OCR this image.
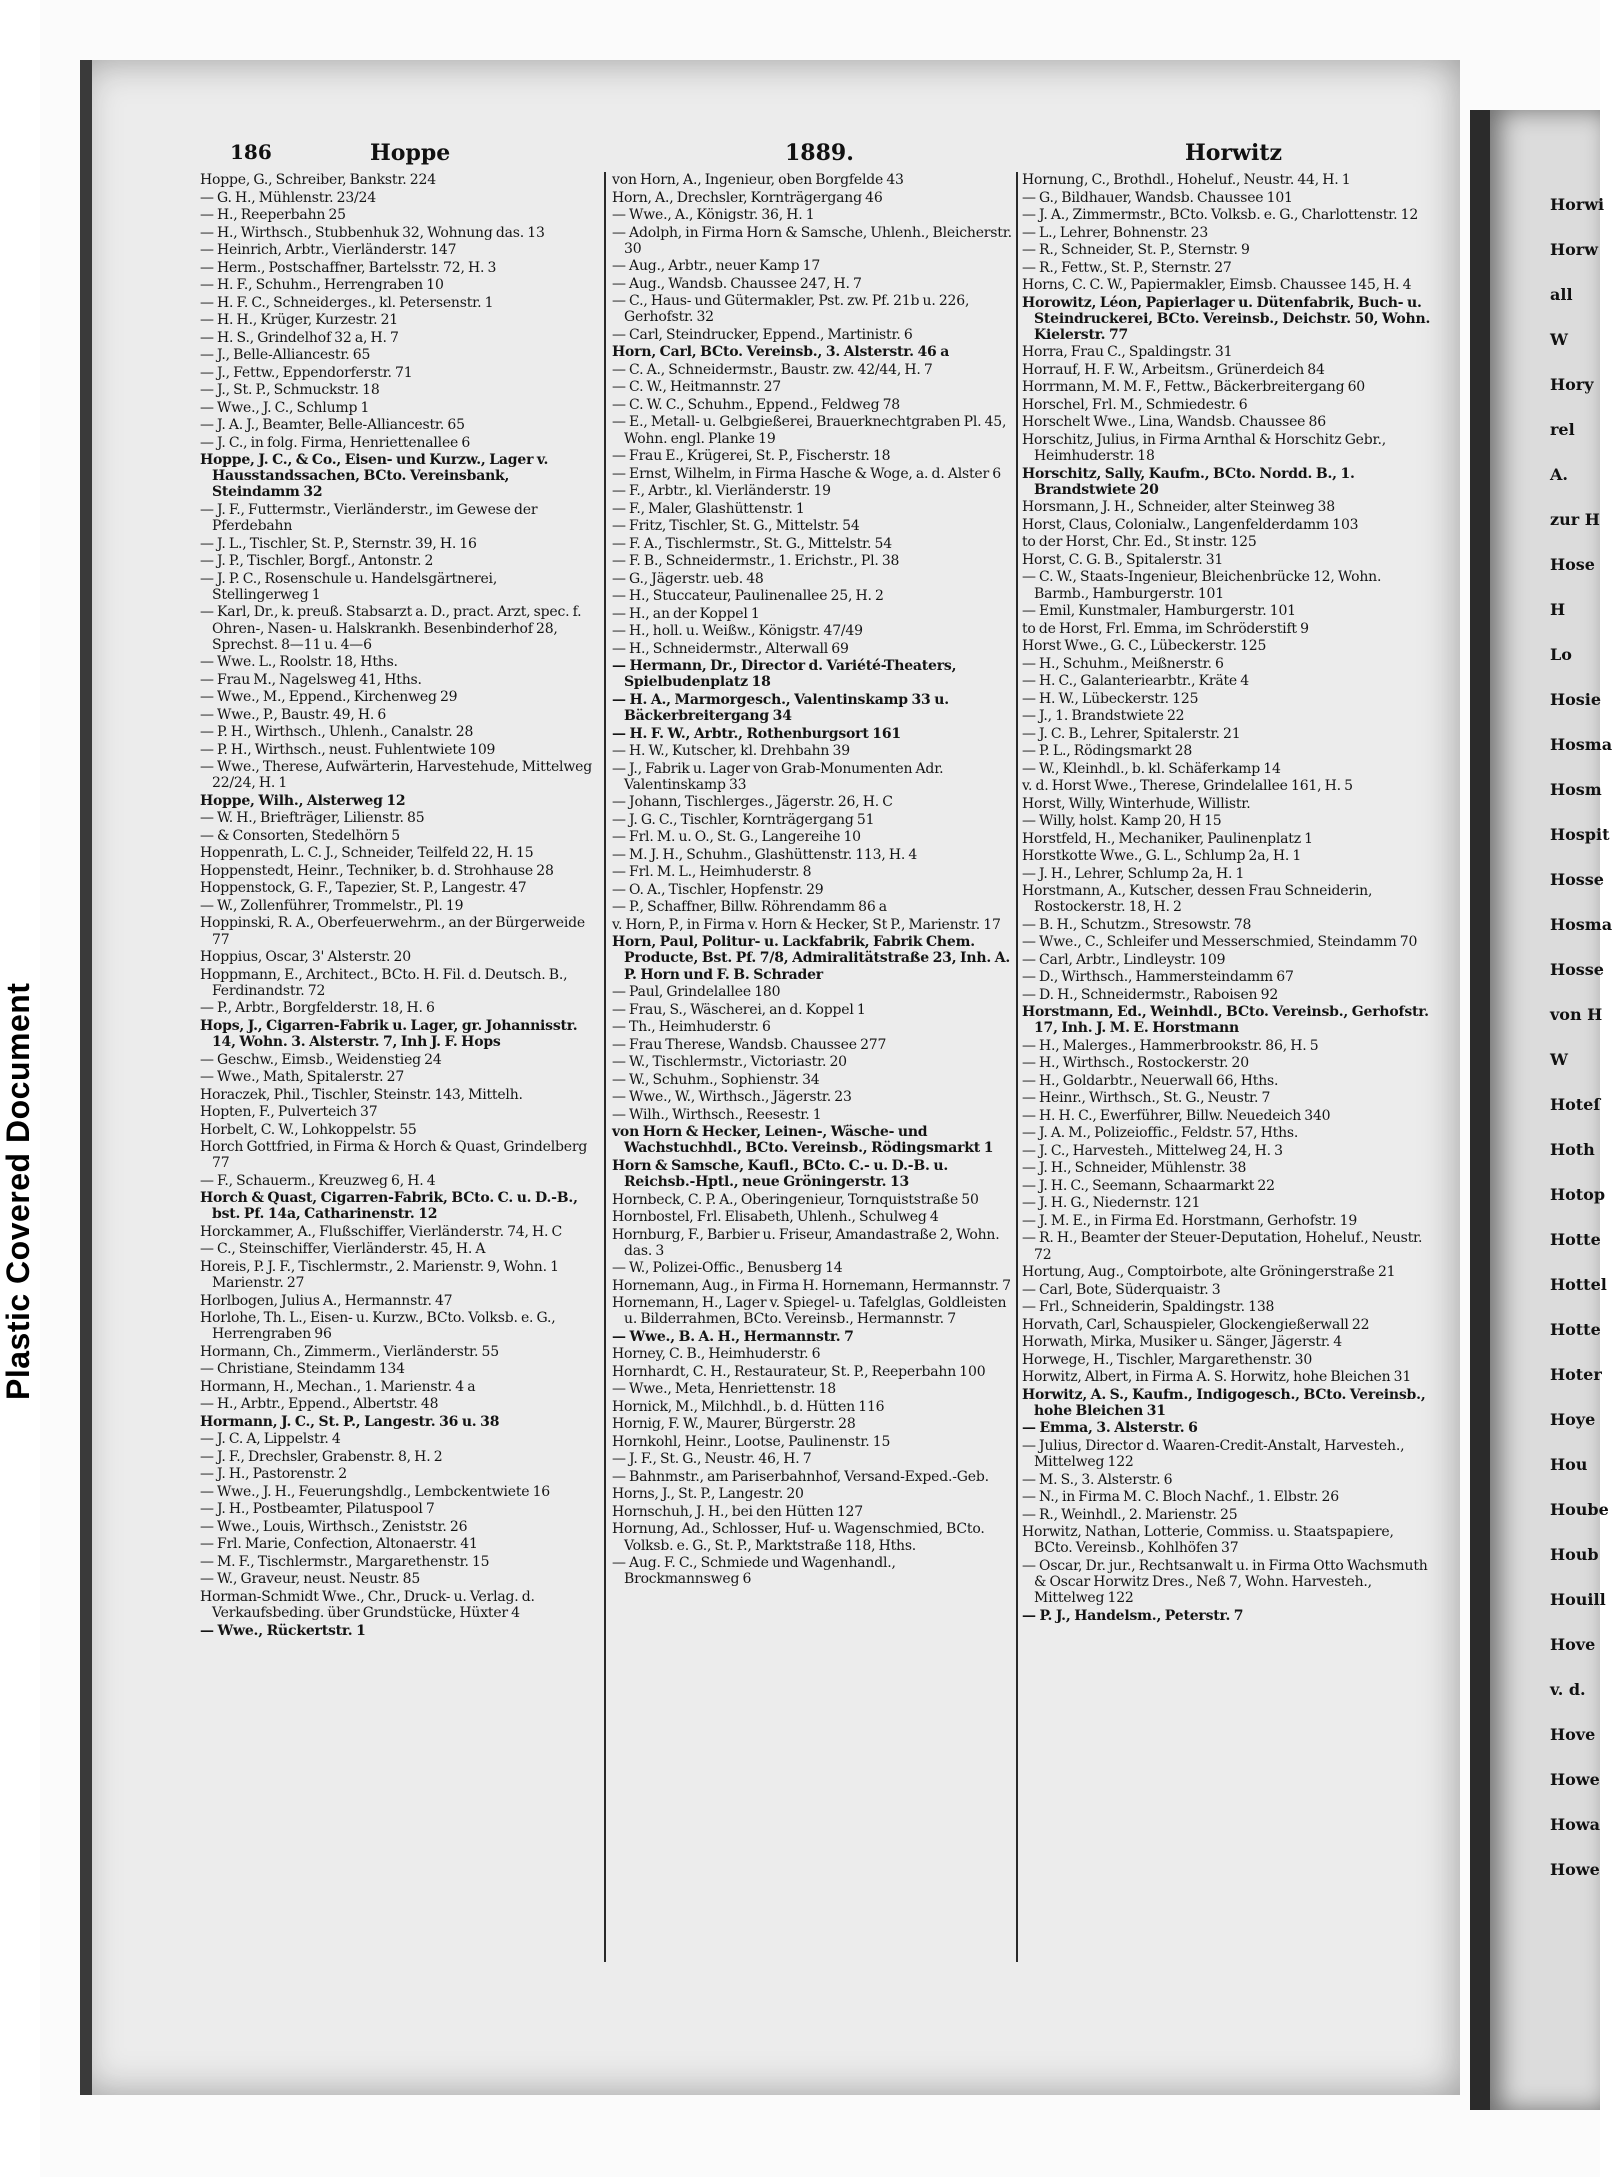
Horwi
Horw
all
W
Hory
rel
A.
zur H
Hose
H
Lo
Hosie
Hosma
Hosm
Hospit
Hosse
Hosma
Hosse
von H
W
Hoteſ
Hoth
Hotop
Hotte
Hottel
Hotte
Hoter
Hoye
Hou
Hoube
Houb
Houill
Hove
v. d.
Hove
Howe
Howa
Howe
Plastic Covered Document
186	Hoppe	1889.	Horwitz
Hoppe, G., Schreiber, Bankstr. 224
— G. H., Mühlenstr. 23/24
— H., Reeperbahn 25
— H., Wirthsch., Stubbenhuk 32, Wohnung das. 13
— Heinrich, Arbtr., Vierländerstr. 147
— Herm., Postschaffner, Bartelsstr. 72, H. 3
— H. F., Schuhm., Herrengraben 10
— H. F. C., Schneiderges., kl. Petersenstr. 1
— H. H., Krüger, Kurzestr. 21
— H. S., Grindelhof 32 a, H. 7
— J., Belle-Alliancestr. 65
— J., Fettw., Eppendorferstr. 71
— J., St. P., Schmuckstr. 18
— Wwe., J. C., Schlump 1
— J. A. J., Beamter, Belle-Alliancestr. 65
— J. C., in folg. Firma, Henriettenallee 6
Hoppe, J. C., & Co., Eisen- und Kurzw., Lager v. Hausstandssachen, BCto. Vereinsbank, Steindamm 32
— J. F., Futtermstr., Vierländerstr., im Gewese der Pferdebahn
— J. L., Tischler, St. P., Sternstr. 39, H. 16
— J. P., Tischler, Borgf., Antonstr. 2
— J. P. C., Rosenschule u. Handelsgärtnerei, Stellingerweg 1
— Karl, Dr., k. preuß. Stabsarzt a. D., pract. Arzt, spec. f. Ohren-, Nasen- u. Halskrankh. Besenbinderhof 28, Sprechst. 8—11 u. 4—6
— Wwe. L., Roolstr. 18, Hths.
— Frau M., Nagelsweg 41, Hths.
— Wwe., M., Eppend., Kirchenweg 29
— Wwe., P., Baustr. 49, H. 6
— P. H., Wirthsch., Uhlenh., Canalstr. 28
— P. H., Wirthsch., neust. Fuhlentwiete 109
— Wwe., Therese, Aufwärterin, Harvestehude, Mittelweg 22/24, H. 1
Hoppe, Wilh., Alsterweg 12
— W. H., Briefträger, Lilienstr. 85
— & Consorten, Stedelhörn 5
Hoppenrath, L. C. J., Schneider, Teilfeld 22, H. 15
Hoppenstedt, Heinr., Techniker, b. d. Strohhause 28
Hoppenstock, G. F., Tapezier, St. P., Langestr. 47
— W., Zollenführer, Trommelstr., Pl. 19
Hoppinski, R. A., Oberfeuerwehrm., an der Bürgerweide 77
Hoppius, Oscar, 3' Alsterstr. 20
Hoppmann, E., Architect., BCto. H. Fil. d. Deutsch. B., Ferdinandstr. 72
— P., Arbtr., Borgfelderstr. 18, H. 6
Hops, J., Cigarren-Fabrik u. Lager, gr. Johannisstr. 14, Wohn. 3. Alsterstr. 7, Inh J. F. Hops
— Geschw., Eimsb., Weidenstieg 24
— Wwe., Math, Spitalerstr. 27
Horaczek, Phil., Tischler, Steinstr. 143, Mittelh.
Hopten, F., Pulverteich 37
Horbelt, C. W., Lohkoppelstr. 55
Horch Gottfried, in Firma & Horch & Quast, Grindelberg 77
— F., Schauerm., Kreuzweg 6, H. 4
Horch & Quast, Cigarren-Fabrik, BCto. C. u. D.-B., bst. Pf. 14a, Catharinenstr. 12
Horckammer, A., Flußschiffer, Vierländerstr. 74, H. C
— C., Steinschiffer, Vierländerstr. 45, H. A
Horeis, P. J. F., Tischlermstr., 2. Marienstr. 9, Wohn. 1 Marienstr. 27
Horlbogen, Julius A., Hermannstr. 47
Horlohe, Th. L., Eisen- u. Kurzw., BCto. Volksb. e. G., Herrengraben 96
Hormann, Ch., Zimmerm., Vierländerstr. 55
— Christiane, Steindamm 134
Hormann, H., Mechan., 1. Marienstr. 4 a
— H., Arbtr., Eppend., Albertstr. 48
Hormann, J. C., St. P., Langestr. 36 u. 38
— J. C. A, Lippelstr. 4
— J. F., Drechsler, Grabenstr. 8, H. 2
— J. H., Pastorenstr. 2
— Wwe., J. H., Feuerungshdlg., Lembckentwiete 16
— J. H., Postbeamter, Pilatuspool 7
— Wwe., Louis, Wirthsch., Zeniststr. 26
— Frl. Marie, Confection, Altonaerstr. 41
— M. F., Tischlermstr., Margarethenstr. 15
— W., Graveur, neust. Neustr. 85
Horman-Schmidt Wwe., Chr., Druck- u. Verlag. d. Verkaufsbeding. über Grundstücke, Hüxter 4
— Wwe., Rückertstr. 1
von Horn, A., Ingenieur, oben Borgfelde 43
Horn, A., Drechsler, Kornträgergang 46
— Wwe., A., Königstr. 36, H. 1
— Adolph, in Firma Horn & Samsche, Uhlenh., Bleicherstr. 30
— Aug., Arbtr., neuer Kamp 17
— Aug., Wandsb. Chaussee 247, H. 7
— C., Haus- und Gütermakler, Pst. zw. Pf. 21b u. 226, Gerhofstr. 32
— Carl, Steindrucker, Eppend., Martinistr. 6
Horn, Carl, BCto. Vereinsb., 3. Alsterstr. 46 a
— C. A., Schneidermstr., Baustr. zw. 42/44, H. 7
— C. W., Heitmannstr. 27
— C. W. C., Schuhm., Eppend., Feldweg 78
— E., Metall- u. Gelbgießerei, Brauerknechtgraben Pl. 45, Wohn. engl. Planke 19
— Frau E., Krügerei, St. P., Fischerstr. 18
— Ernst, Wilhelm, in Firma Hasche & Woge, a. d. Alster 6
— F., Arbtr., kl. Vierländerstr. 19
— F., Maler, Glashüttenstr. 1
— Fritz, Tischler, St. G., Mittelstr. 54
— F. A., Tischlermstr., St. G., Mittelstr. 54
— F. B., Schneidermstr., 1. Erichstr., Pl. 38
— G., Jägerstr. ueb. 48
— H., Stuccateur, Paulinenallee 25, H. 2
— H., an der Koppel 1
— H., holl. u. Weißw., Königstr. 47/49
— H., Schneidermstr., Alterwall 69
— Hermann, Dr., Director d. Variété-Theaters, Spielbudenplatz 18
— H. A., Marmorgesch., Valentinskamp 33 u. Bäckerbreitergang 34
— H. F. W., Arbtr., Rothenburgsort 161
— H. W., Kutscher, kl. Drehbahn 39
— J., Fabrik u. Lager von Grab-Monumenten Adr. Valentinskamp 33
— Johann, Tischlerges., Jägerstr. 26, H. C
— J. G. C., Tischler, Kornträgergang 51
— Frl. M. u. O., St. G., Langereihe 10
— M. J. H., Schuhm., Glashüttenstr. 113, H. 4
— Frl. M. L., Heimhuderstr. 8
— O. A., Tischler, Hopfenstr. 29
— P., Schaffner, Billw. Röhrendamm 86 a
v. Horn, P., in Firma v. Horn & Hecker, St P., Marienstr. 17
Horn, Paul, Politur- u. Lackfabrik, Fabrik Chem. Producte, Bst. Pf. 7/8, Admiralitätstraße 23, Inh. A. P. Horn und F. B. Schrader
— Paul, Grindelallee 180
— Frau, S., Wäscherei, an d. Koppel 1
— Th., Heimhuderstr. 6
— Frau Therese, Wandsb. Chaussee 277
— W., Tischlermstr., Victoriastr. 20
— W., Schuhm., Sophienstr. 34
— Wwe., W., Wirthsch., Jägerstr. 23
— Wilh., Wirthsch., Reesestr. 1
von Horn & Hecker, Leinen-, Wäsche- und Wachstuchhdl., BCto. Vereinsb., Rödingsmarkt 1
Horn & Samsche, Kaufl., BCto. C.- u. D.-B. u. Reichsb.-Hptl., neue Gröningerstr. 13
Hornbeck, C. P. A., Oberingenieur, Tornquiststraße 50
Hornbostel, Frl. Elisabeth, Uhlenh., Schulweg 4
Hornburg, F., Barbier u. Friseur, Amandastraße 2, Wohn. das. 3
— W., Polizei-Offic., Benusberg 14
Hornemann, Aug., in Firma H. Hornemann, Hermannstr. 7
Hornemann, H., Lager v. Spiegel- u. Tafelglas, Goldleisten u. Bilderrahmen, BCto. Vereinsb., Hermannstr. 7
— Wwe., B. A. H., Hermannstr. 7
Horney, C. B., Heimhuderstr. 6
Hornhardt, C. H., Restaurateur, St. P., Reeperbahn 100
— Wwe., Meta, Henriettenstr. 18
Hornick, M., Milchhdl., b. d. Hütten 116
Hornig, F. W., Maurer, Bürgerstr. 28
Hornkohl, Heinr., Lootse, Paulinenstr. 15
— J. F., St. G., Neustr. 46, H. 7
— Bahnmstr., am Pariserbahnhof, Versand-Exped.-Geb.
Horns, J., St. P., Langestr. 20
Hornschuh, J. H., bei den Hütten 127
Hornung, Ad., Schlosser, Huf- u. Wagenschmied, BCto. Volksb. e. G., St. P., Marktstraße 118, Hths.
— Aug. F. C., Schmiede und Wagenhandl., Brockmannsweg 6
Hornung, C., Brothdl., Hoheluf., Neustr. 44, H. 1
— G., Bildhauer, Wandsb. Chaussee 101
— J. A., Zimmermstr., BCto. Volksb. e. G., Charlottenstr. 12
— L., Lehrer, Bohnenstr. 23
— R., Schneider, St. P., Sternstr. 9
— R., Fettw., St. P., Sternstr. 27
Horns, C. C. W., Papiermakler, Eimsb. Chaussee 145, H. 4
Horowitz, Léon, Papierlager u. Dütenfabrik, Buch- u. Steindruckerei, BCto. Vereinsb., Deichstr. 50, Wohn. Kielerstr. 77
Horra, Frau C., Spaldingstr. 31
Horrauf, H. F. W., Arbeitsm., Grünerdeich 84
Horrmann, M. M. F., Fettw., Bäckerbreitergang 60
Horschel, Frl. M., Schmiedestr. 6
Horschelt Wwe., Lina, Wandsb. Chaussee 86
Horschitz, Julius, in Firma Arnthal & Horschitz Gebr., Heimhuderstr. 18
Horschitz, Sally, Kaufm., BCto. Nordd. B., 1. Brandstwiete 20
Horsmann, J. H., Schneider, alter Steinweg 38
Horst, Claus, Colonialw., Langenfelderdamm 103
to der Horst, Chr. Ed., St instr. 125
Horst, C. G. B., Spitalerstr. 31
— C. W., Staats-Ingenieur, Bleichenbrücke 12, Wohn. Barmb., Hamburgerstr. 101
— Emil, Kunstmaler, Hamburgerstr. 101
to de Horst, Frl. Emma, im Schröderstift 9
Horst Wwe., G. C., Lübeckerstr. 125
— H., Schuhm., Meißnerstr. 6
— H. C., Galanteriearbtr., Kräte 4
— H. W., Lübeckerstr. 125
— J., 1. Brandstwiete 22
— J. C. B., Lehrer, Spitalerstr. 21
— P. L., Rödingsmarkt 28
— W., Kleinhdl., b. kl. Schäferkamp 14
v. d. Horst Wwe., Therese, Grindelallee 161, H. 5
Horst, Willy, Winterhude, Willistr.
— Willy, holst. Kamp 20, H 15
Horstfeld, H., Mechaniker, Paulinenplatz 1
Horstkotte Wwe., G. L., Schlump 2a, H. 1
— J. H., Lehrer, Schlump 2a, H. 1
Horstmann, A., Kutscher, dessen Frau Schneiderin, Rostockerstr. 18, H. 2
— B. H., Schutzm., Stresowstr. 78
— Wwe., C., Schleifer und Messerschmied, Steindamm 70
— Carl, Arbtr., Lindleystr. 109
— D., Wirthsch., Hammersteindamm 67
— D. H., Schneidermstr., Raboisen 92
Horstmann, Ed., Weinhdl., BCto. Vereinsb., Gerhofstr. 17, Inh. J. M. E. Horstmann
— H., Malerges., Hammerbrookstr. 86, H. 5
— H., Wirthsch., Rostockerstr. 20
— H., Goldarbtr., Neuerwall 66, Hths.
— Heinr., Wirthsch., St. G., Neustr. 7
— H. H. C., Ewerführer, Billw. Neuedeich 340
— J. A. M., Polizeioffic., Feldstr. 57, Hths.
— J. C., Harvesteh., Mittelweg 24, H. 3
— J. H., Schneider, Mühlenstr. 38
— J. H. C., Seemann, Schaarmarkt 22
— J. H. G., Niedernstr. 121
— J. M. E., in Firma Ed. Horstmann, Gerhofstr. 19
— R. H., Beamter der Steuer-Deputation, Hoheluf., Neustr. 72
Hortung, Aug., Comptoirbote, alte Gröningerstraße 21
— Carl, Bote, Süderquaistr. 3
— Frl., Schneiderin, Spaldingstr. 138
Horvath, Carl, Schauspieler, Glockengießerwall 22
Horwath, Mirka, Musiker u. Sänger, Jägerstr. 4
Horwege, H., Tischler, Margarethenstr. 30
Horwitz, Albert, in Firma A. S. Horwitz, hohe Bleichen 31
Horwitz, A. S., Kaufm., Indigogesch., BCto. Vereinsb., hohe Bleichen 31
— Emma, 3. Alsterstr. 6
— Julius, Director d. Waaren-Credit-Anstalt, Harvesteh., Mittelweg 122
— M. S., 3. Alsterstr. 6
— N., in Firma M. C. Bloch Nachf., 1. Elbstr. 26
— R., Weinhdl., 2. Marienstr. 25
Horwitz, Nathan, Lotterie, Commiss. u. Staatspapiere, BCto. Vereinsb., Kohlhöfen 37
— Oscar, Dr. jur., Rechtsanwalt u. in Firma Otto Wachsmuth & Oscar Horwitz Dres., Neß 7, Wohn. Harvesteh., Mittelweg 122
— P. J., Handelsm., Peterstr. 7
